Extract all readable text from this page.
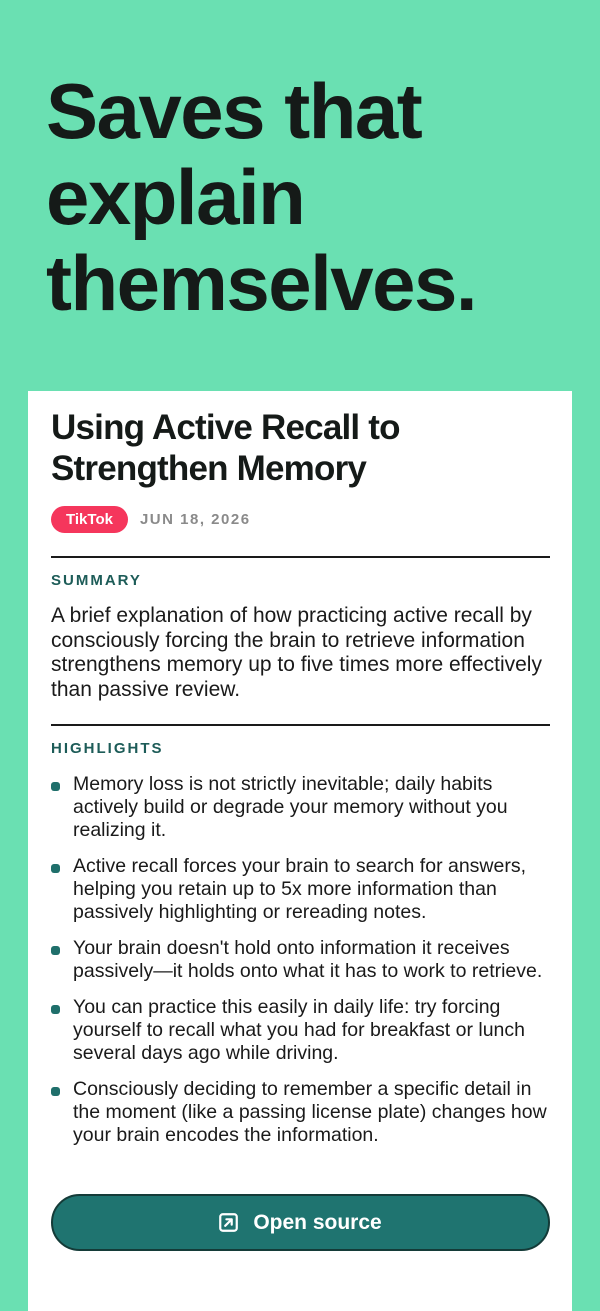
Saves that explain themselves.
Using Active Recall to Strengthen Memory
TikTok	JUN 18, 2026
SUMMARY

A brief explanation of how practicing active recall by consciously forcing the brain to retrieve information strengthens memory up to five times more effectively than passive review.

HIGHLIGHTS
Memory loss is not strictly inevitable; daily habits actively build or degrade your memory without you realizing it.
Active recall forces your brain to search for answers, helping you retain up to 5x more information than passively highlighting or rereading notes.
Your brain doesn't hold onto information it receives passively—it holds onto what it has to work to retrieve.
You can practice this easily in daily life: try forcing yourself to recall what you had for breakfast or lunch several days ago while driving.
Consciously deciding to remember a specific detail in the moment (like a passing license plate) changes how your brain encodes the information.
Open source
